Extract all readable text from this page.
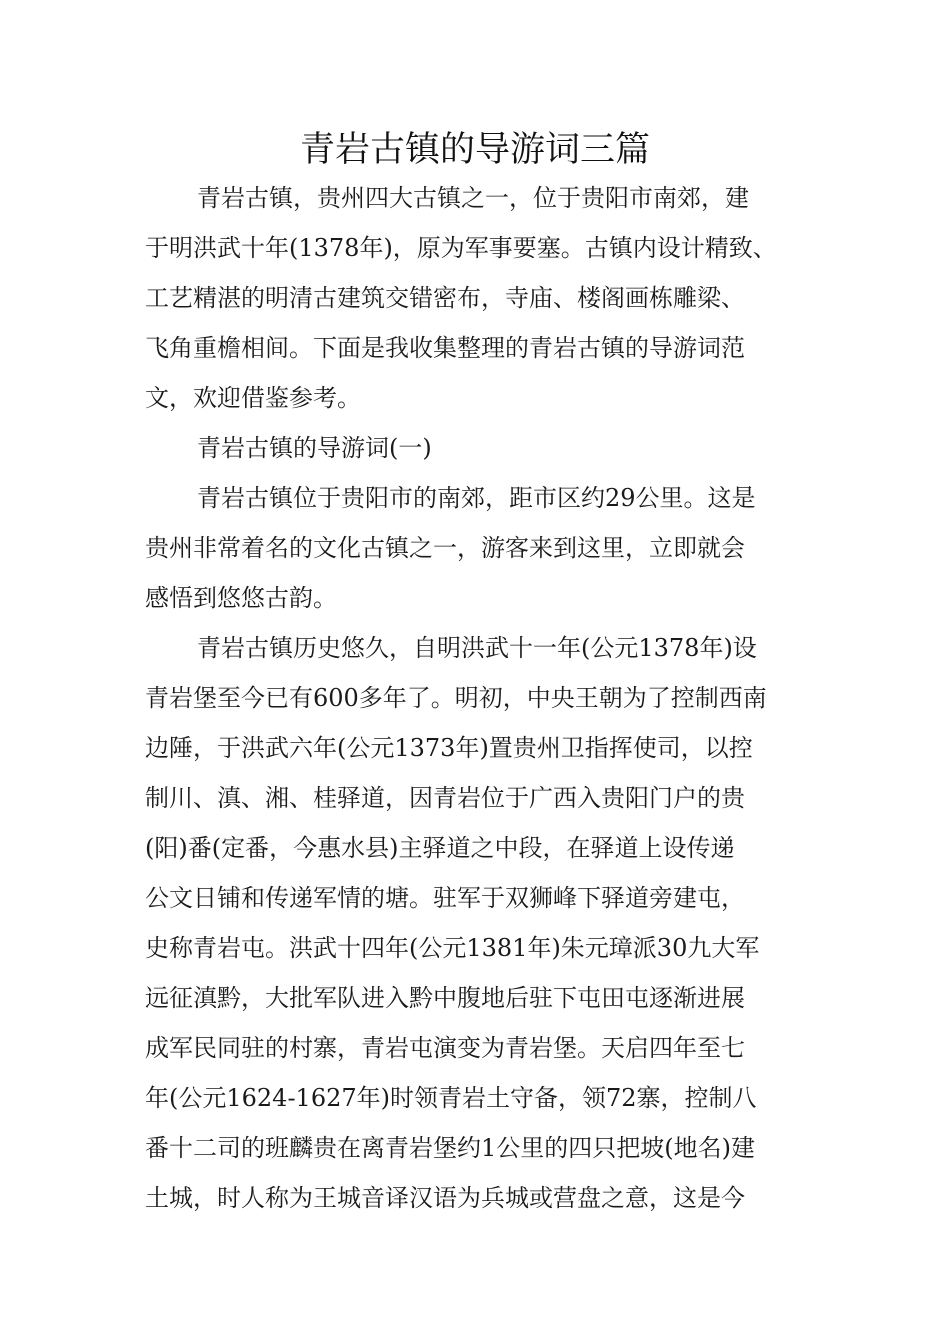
青岩古镇的导游词三篇
青岩古镇，贵州四大古镇之一，位于贵阳市南郊，建
于明洪武十年(1378年)，原为军事要塞。古镇内设计精致、
工艺精湛的明清古建筑交错密布，寺庙、楼阁画栋雕梁、
飞角重檐相间。下面是我收集整理的青岩古镇的导游词范
文，欢迎借鉴参考。
青岩古镇的导游词(一)
青岩古镇位于贵阳市的南郊，距市区约29公里。这是
贵州非常着名的文化古镇之一，游客来到这里，立即就会
感悟到悠悠古韵。
青岩古镇历史悠久，自明洪武十一年(公元1378年)设
青岩堡至今已有600多年了。明初，中央王朝为了控制西南
边陲，于洪武六年(公元1373年)置贵州卫指挥使司，以控
制川、滇、湘、桂驿道，因青岩位于广西入贵阳门户的贵
(阳)番(定番，今惠水县)主驿道之中段，在驿道上设传递
公文日铺和传递军情的塘。驻军于双狮峰下驿道旁建屯，
史称青岩屯。洪武十四年(公元1381年)朱元璋派30九大军
远征滇黔，大批军队进入黔中腹地后驻下屯田屯逐渐进展
成军民同驻的村寨，青岩屯演变为青岩堡。天启四年至七
年(公元1624-1627年)时领青岩土守备，领72寨，控制八
番十二司的班麟贵在离青岩堡约1公里的四只把坡(地名)建
土城，时人称为王城音译汉语为兵城或营盘之意，这是今
